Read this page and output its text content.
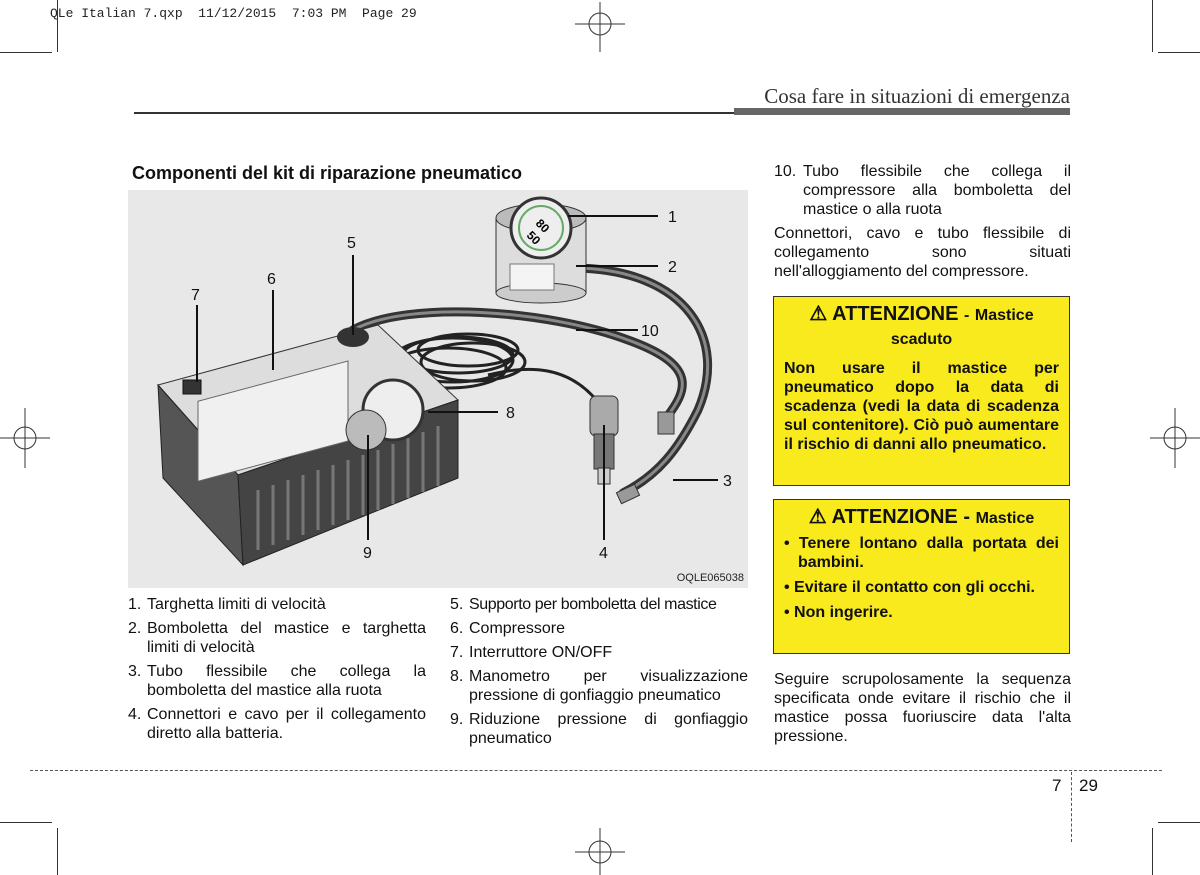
QLe Italian 7.qxp  11/12/2015  7:03 PM  Page 29
Cosa fare in situazioni di emergenza
Componenti del kit di riparazione pneumatico
80
50
1
2
3
4
5
6
7
8
9
10
OQLE065038
1. Targhetta limiti di velocità
2. Bomboletta del mastice e targhetta limiti di velocità
3. Tubo flessibile che collega la bomboletta del mastice alla ruota
4. Connettori e cavo per il collegamento diretto alla batteria.
5. Supporto per bomboletta del mastice
6. Compressore
7. Interruttore ON/OFF
8. Manometro per visualizzazione pressione di gonfiaggio pneumatico
9. Riduzione pressione di gonfiaggio pneumatico
10. Tubo flessibile che collega il compressore alla bomboletta del mastice o alla ruota
Connettori, cavo e tubo flessibile di collegamento sono situati nell'alloggiamento del compressore.
⚠ ATTENZIONE - Mastice scaduto
Non usare il mastice per pneumatico dopo la data di scadenza (vedi la data di scadenza sul contenitore). Ciò può aumentare il rischio di danni allo pneumatico.
⚠ ATTENZIONE - Mastice
• Tenere lontano dalla portata dei bambini.
• Evitare il contatto con gli occhi.
• Non ingerire.
Seguire scrupolosamente la sequenza specificata onde evitare il rischio che il mastice possa fuoriuscire data l'alta pressione.
7 29
